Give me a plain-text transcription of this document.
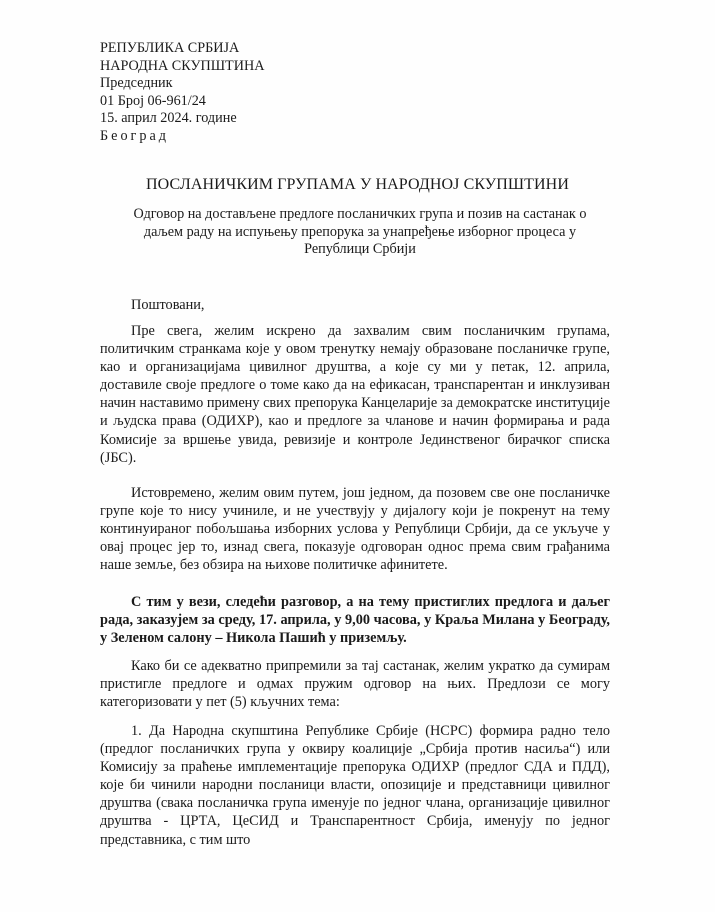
РЕПУБЛИКА СРБИЈА
НАРОДНА СКУПШТИНА
Председник
01 Број 06-961/24
15. април 2024. године
Београд
ПОСЛАНИЧКИМ ГРУПАМА У НАРОДНОЈ СКУПШТИНИ
Одговор на достављене предлоге посланичких група и позив на састанак о даљем раду на испуњењу препорука за унапређење изборног процеса у Републици Србији
Поштовани,
Пре свега, желим искрено да захвалим свим посланичким групама, политичким странкама које у овом тренутку немају образоване посланичке групе, као и организацијама цивилног друштва, а које су ми у петак, 12. априла, доставиле своје предлоге о томе како да на ефикасан, транспарентан и инклузиван начин наставимо примену свих препорука Канцеларије за демократске институције и људска права (ОДИХР), као и предлоге за чланове и начин формирања и рада Комисије за вршење увида, ревизије и контроле Јединственог бирачког списка (ЈБС).
Истовремено, желим овим путем, још једном, да позовем све оне посланичке групе које то нису учиниле, и не учествују у дијалогу који је покренут на тему континуираног побољшања изборних услова у Републици Србији, да се укључе у овај процес јер то, изнад свега, показује одговоран однос према свим грађанима наше земље, без обзира на њихове политичке афинитете.
С тим у вези, следећи разговор, а на тему пристиглих предлога и даљег рада, заказујем за среду, 17. априла, у 9,00 часова, у Краља Милана у Београду, у Зеленом салону – Никола Пашић у приземљу.
Како би се адекватно припремили за тај састанак, желим укратко да сумирам пристигле предлоге и одмах пружим одговор на њих. Предлози се могу категоризовати у пет (5) кључних тема:
1. Да Народна скупштина Републике Србије (НСРС) формира радно тело (предлог посланичких група у оквиру коалиције „Србија против насиља“) или Комисију за праћење имплементације препорука ОДИХР (предлог СДА и ПДД), које би чинили народни посланици власти, опозиције и представници цивилног друштва (свака посланичка група именује по једног члана, организације цивилног друштва - ЦРТА, ЦеСИД и Транспарентност Србија, именују по једног представника, с тим што
